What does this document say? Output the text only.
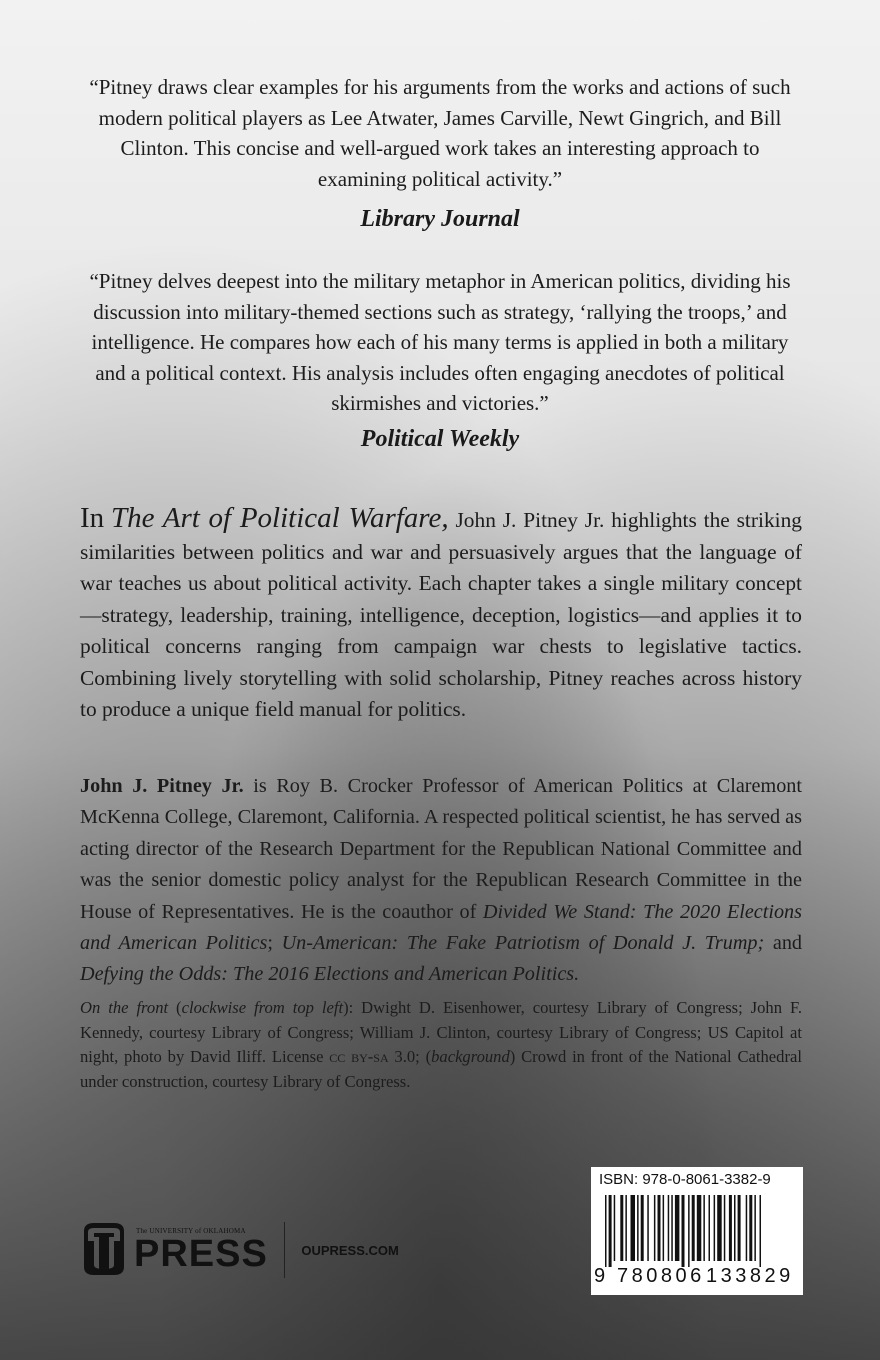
“Pitney draws clear examples for his arguments from the works and actions of such modern political players as Lee Atwater, James Carville, Newt Gingrich, and Bill Clinton. This concise and well-argued work takes an interesting approach to examining political activity.”
Library Journal
“Pitney delves deepest into the military metaphor in American politics, dividing his discussion into military-themed sections such as strategy, ‘rallying the troops,’ and intelligence. He compares how each of his many terms is applied in both a military and a political context. His analysis includes often engaging anecdotes of political skirmishes and victories.”
Political Weekly
In The Art of Political Warfare, John J. Pitney Jr. highlights the striking similarities between politics and war and persuasively argues that the language of war teaches us about political activity. Each chapter takes a single military concept—strategy, leadership, training, intelligence, deception, logistics—and applies it to political concerns ranging from campaign war chests to legislative tactics. Combining lively storytelling with solid scholarship, Pitney reaches across history to produce a unique field manual for politics.
John J. Pitney Jr. is Roy B. Crocker Professor of American Politics at Claremont McKenna College, Claremont, California. A respected political scientist, he has served as acting director of the Research Department for the Republican National Committee and was the senior domestic policy analyst for the Republican Research Committee in the House of Representatives. He is the coauthor of Divided We Stand: The 2020 Elections and American Politics; Un-American: The Fake Patriotism of Donald J. Trump; and Defying the Odds: The 2016 Elections and American Politics.
On the front (clockwise from top left): Dwight D. Eisenhower, courtesy Library of Congress; John F. Kennedy, courtesy Library of Congress; William J. Clinton, courtesy Library of Congress; US Capitol at night, photo by David Iliff. License cc by-sa 3.0; (background) Crowd in front of the National Cathedral under construction, courtesy Library of Congress.
The UNIVERSITY of OKLAHOMA
PRESS	OUPRESS.COM
ISBN: 978-0-8061-3382-9
9 780806 133829
